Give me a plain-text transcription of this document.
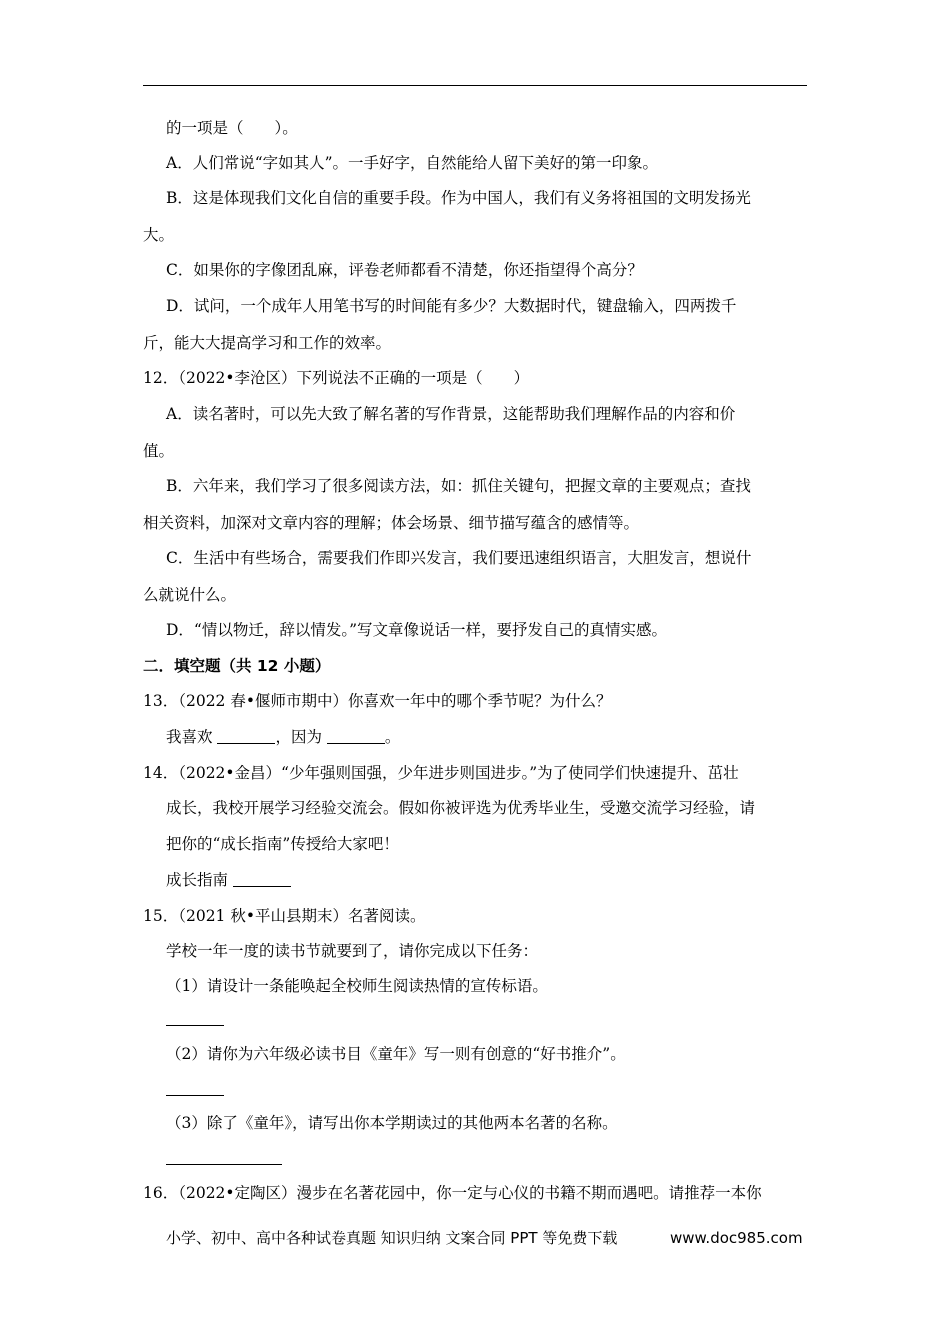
的一项是（　　）。
A．人们常说“字如其人”。一手好字，自然能给人留下美好的第一印象。
B．这是体现我们文化自信的重要手段。作为中国人，我们有义务将祖国的文明发扬光
大。
C．如果你的字像团乱麻，评卷老师都看不清楚，你还指望得个高分？
D．试问，一个成年人用笔书写的时间能有多少？大数据时代，键盘输入，四两拨千
斤，能大大提高学习和工作的效率。
12．（2022•李沧区）下列说法不正确的一项是（　　）
A．读名著时，可以先大致了解名著的写作背景，这能帮助我们理解作品的内容和价
值。
B．六年来，我们学习了很多阅读方法，如：抓住关键句，把握文章的主要观点；查找
相关资料，加深对文章内容的理解；体会场景、细节描写蕴含的感情等。
C．生活中有些场合，需要我们作即兴发言，我们要迅速组织语言，大胆发言，想说什
么就说什么。
D．“情以物迁，辞以情发。”写文章像说话一样，要抒发自己的真情实感。
二．填空题（共 12 小题）
13．（2022 春•偃师市期中）你喜欢一年中的哪个季节呢？为什么？
我喜欢	，因为	。
14．（2022•金昌）“少年强则国强，少年进步则国进步。”为了使同学们快速提升、茁壮
成长，我校开展学习经验交流会。假如你被评选为优秀毕业生，受邀交流学习经验，请
把你的“成长指南”传授给大家吧！
成长指南
15．（2021 秋•平山县期末）名著阅读。
学校一年一度的读书节就要到了，请你完成以下任务：
（1）请设计一条能唤起全校师生阅读热情的宣传标语。
（2）请你为六年级必读书目《童年》写一则有创意的“好书推介”。
（3）除了《童年》，请写出你本学期读过的其他两本名著的名称。
16．（2022•定陶区）漫步在名著花园中，你一定与心仪的书籍不期而遇吧。请推荐一本你
小学、初中、高中各种试卷真题 知识归纳 文案合同 PPT 等免费下载	www.doc985.com
